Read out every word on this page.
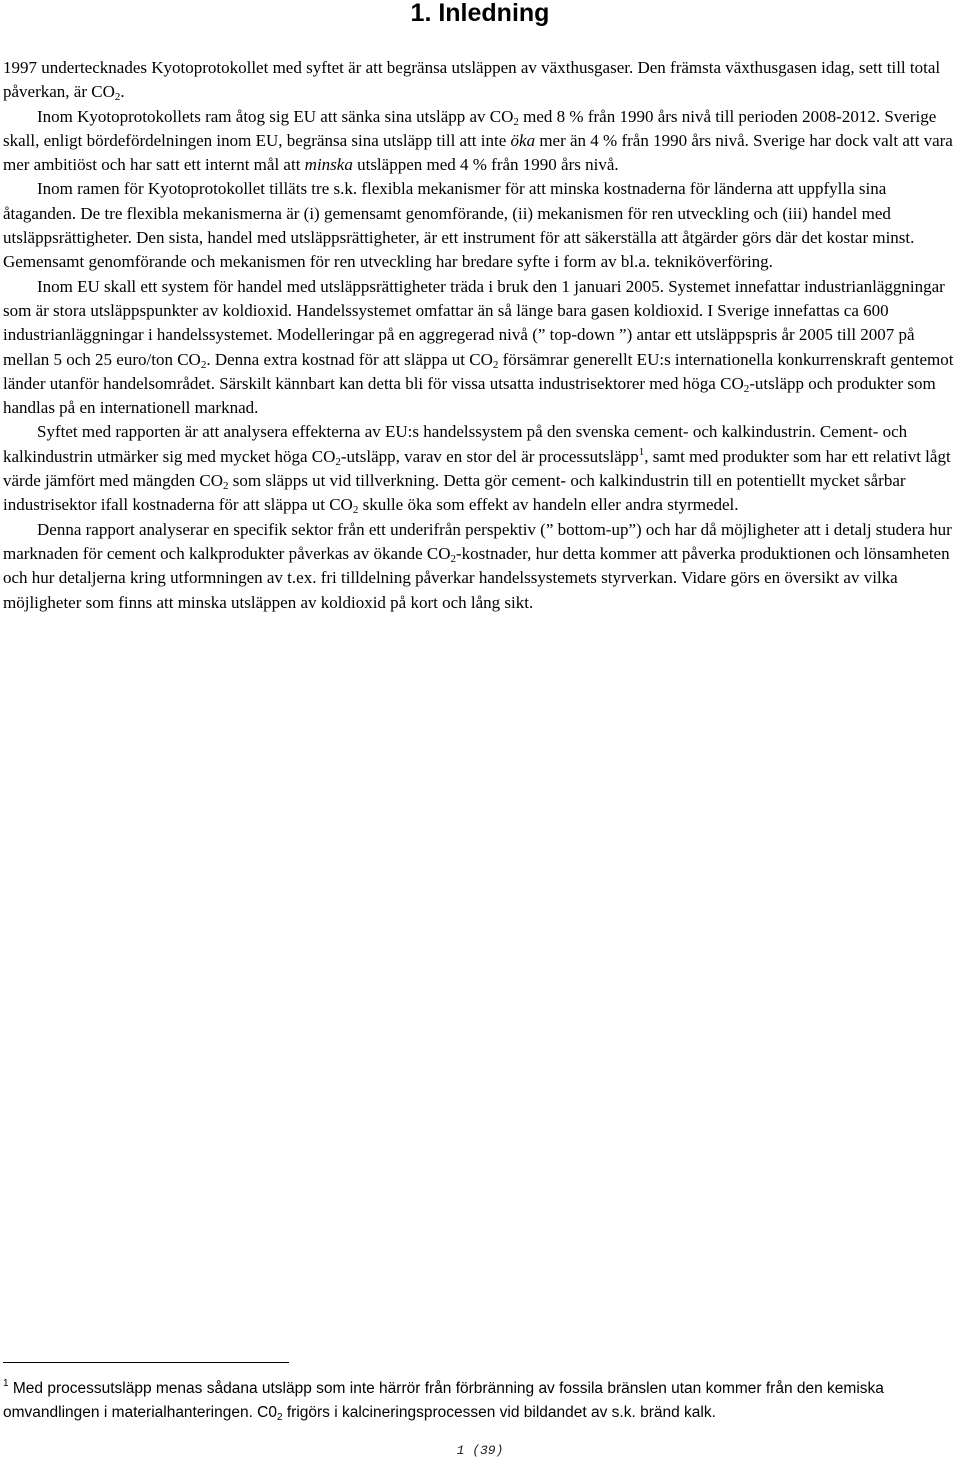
1. Inledning

1997 undertecknades Kyotoprotokollet med syftet är att begränsa utsläppen av växthusgaser. Den främsta växthusgasen idag, sett till total påverkan, är $CO_2$.

Inom Kyotoprotokollets ram åtog sig EU att sänka sina utsläpp av $CO_2$ med 8 % från 1990 års nivå till perioden 2008-2012. Sverige skall, enligt bördefördelningen inom EU, begränsa sina utsläpp till att inte öka mer än 4 % från 1990 års nivå. Sverige har dock valt att vara mer ambitiöst och har satt ett internt mål att minska utsläppen med 4 % från 1990 års nivå.

Inom ramen för Kyotoprotokollet tilläts tre s.k. flexibla mekanismer för att minska kostnaderna för länderna att uppfylla sina åtaganden. De tre flexibla mekanismerna är (i) gemensamt genomförande, (ii) mekanismen för ren utveckling och (iii) handel med utsläppsrättigheter. Den sista, handel med utsläppsrättigheter, är ett instrument för att säkerställa att åtgärder görs där det kostar minst. Gemensamt genomförande och mekanismen för ren utveckling har bredare syfte i form av bl.a. tekniköverföring.

Inom EU skall ett system för handel med utsläppsrättigheter träda i bruk den 1 januari 2005. Systemet innefattar industrianläggningar som är stora utsläppspunkter av koldioxid. Handelssystemet omfattar än så länge bara gasen koldioxid. I Sverige innefattas ca 600 industrianläggningar i handelssystemet. Modelleringar på en aggregerad nivå (” top-down ”) antar ett utsläppspris år 2005 till 2007 på mellan 5 och 25 euro/ton $CO_2$. Denna extra kostnad för att släppa ut $CO_2$ försämrar generellt EU:s internationella konkurrenskraft gentemot länder utanför handelsområdet. Särskilt kännbart kan detta bli för vissa utsatta industrisektorer med höga $CO_2$-utsläpp och produkter som handlas på en internationell marknad.

Syftet med rapporten är att analysera effekterna av EU:s handelssystem på den svenska cement- och kalkindustrin. Cement- och kalkindustrin utmärker sig med mycket höga $CO_2$-utsläpp, varav en stor del är processutsläpp$^1$, samt med produkter som har ett relativt lågt värde jämfört med mängden $CO_2$ som släpps ut vid tillverkning. Detta gör cement- och kalkindustrin till en potentiellt mycket sårbar industrisektor ifall kostnaderna för att släppa ut $CO_2$ skulle öka som effekt av handeln eller andra styrmedel.

Denna rapport analyserar en specifik sektor från ett underifrån perspektiv (” bottom-up”) och har då möjligheter att i detalj studera hur marknaden för cement och kalkprodukter påverkas av ökande $CO_2$-kostnader, hur detta kommer att påverka produktionen och lönsamheten och hur detaljerna kring utformningen av t.ex. fri tilldelning påverkar handelssystemets styrverkan. Vidare görs en översikt av vilka möjligheter som finns att minska utsläppen av koldioxid på kort och lång sikt.

$^1$ Med processutsläpp menas sådana utsläpp som inte härrör från förbränning av fossila bränslen utan kommer från den kemiska omvandlingen i materialhanteringen. $C0_2$ frigörs i kalcineringsprocessen vid bildandet av s.k. bränd kalk.

1 (39)
